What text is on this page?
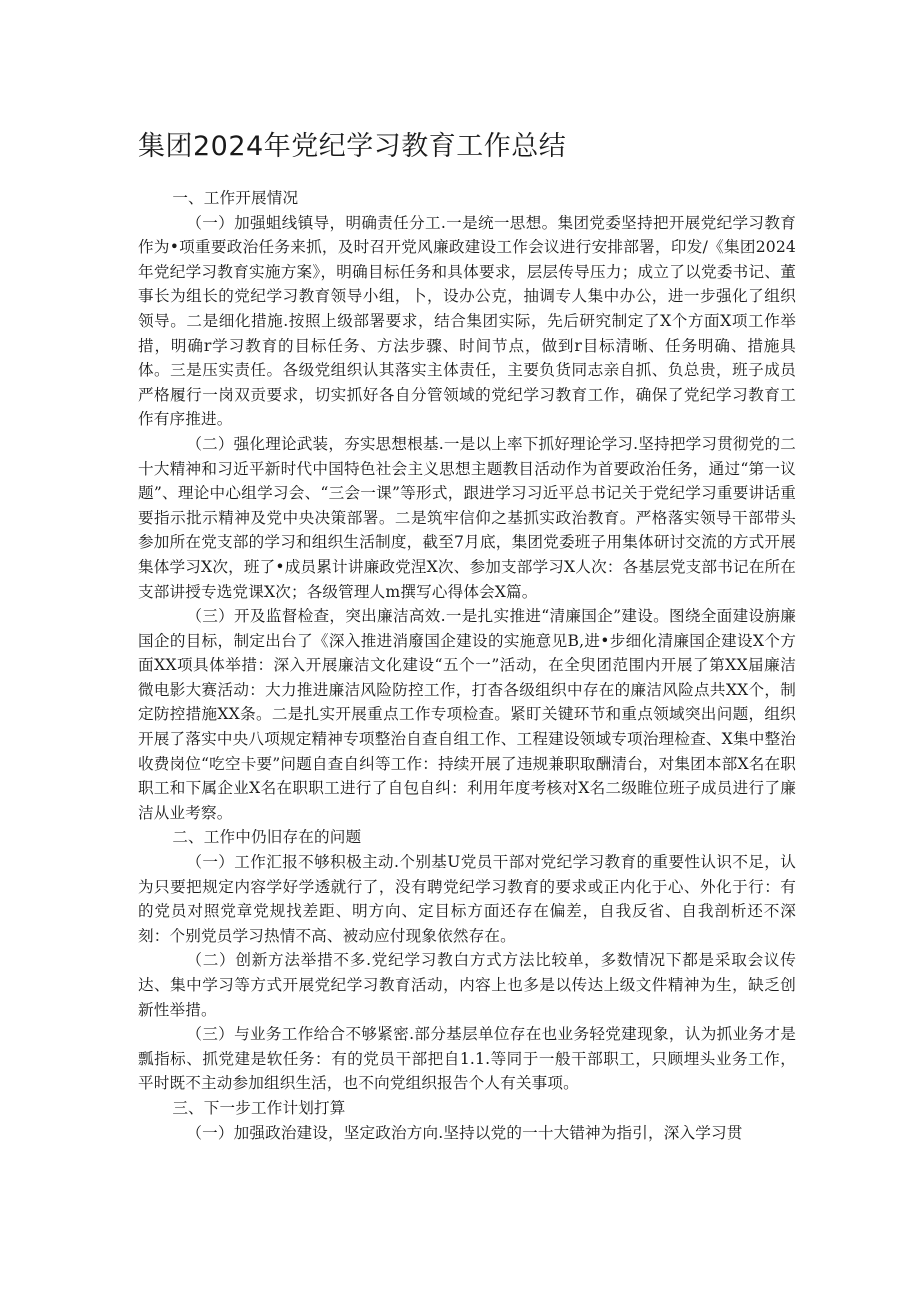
集团2024年党纪学习教育工作总结

一、工作开展情况

（一）加强蛆线镇导，明确责任分工.一是统一思想。集团党委坚持把开展党纪学习教育作为•项重要政治任务来抓，及时召开党风廉政建设工作会议进行安排部署，印发/《集团2024年党纪学习教育实施方案》，明确目标任务和具体要求，层层传导压力；成立了以党委书记、董事长为组长的党纪学习教育领导小组，卜，设办公克，抽调专人集中办公，进一步强化了组织领导。二是细化措施.按照上级部署要求，结合集团实际，先后研究制定了X个方面X项工作举措，明确r学习教育的目标任务、方法步骤、时间节点，做到r目标清晰、任务明确、措施具体。三是压实责任。各级党组织认其落实主体责任，主要负货同志亲自抓、负总贵，班子成员严格履行一岗双贡要求，切实抓好各自分管领域的党纪学习教育工作，确保了党纪学习教育工作有序推进。

（二）强化理论武装，夯实思想根基.一是以上率下抓好理论学习.坚持把学习贯彻党的二十大精神和习近平新时代中国特色社会主义思想主题教目活动作为首要政治任务，通过“第一议题”、理论中心组学习会、“三会一课”等形式，跟进学习习近平总书记关于党纪学习重要讲话重要指示批示精神及党中央决策部署。二是筑牢信仰之基抓实政治教育。严格落实领导干部带头参加所在党支部的学习和组织生活制度，截至7月底，集团党委班子用集体研讨交流的方式开展集体学习X次，班了•成员累计讲廉政党涅X次、参加支部学习X人次：各基层党支部书记在所在支部讲授专选党课X次；各级管理人m撰写心得体会X篇。

（三）开及监督检查，突出廉洁高效.一是扎实推进“清廉国企”建设。图绕全面建设旃廉国企的目标，制定出台了《深入推进消廢国企建设的实施意见B,进•步细化清廉国企建设X个方面XX项具体举措：深入开展廉洁文化建设“五个一”活动，在全臾团范围内开展了第XX届廉洁微电影大赛活动：大力推进廉洁风险防控工作，打杳各级组织中存在的廉洁风险点共XX个，制定防控措施XX条。二是扎实开展重点工作专项检查。紧盯关键环节和重点领域突出问题，组织开展了落实中央八项规定精神专项整治自查自组工作、工程建设领域专项治理检查、X集中整治收费岗位“吃空卡要”问题自查自纠等工作：持续开展了违规兼职取酬清台，对集团本部X名在职职工和下属企业X名在职职工进行了自包自纠：利用年度考核对X名二级睢位班子成员进行了廉洁从业考察。

二、工作中仍旧存在的问题

（一）工作汇报不够积极主动.个别基U党员干部对党纪学习教育的重要性认识不足，认为只要把规定内容学好学透就行了，没有聘党纪学习教育的要求或正内化于心、外化于行：有的党员对照党章党规找差距、明方向、定目标方面还存在偏差，自我反省、自我剖析还不深刻：个别党员学习热情不高、被动应付现象依然存在。

（二）创新方法举措不多.党纪学习教白方式方法比较单，多数情况下都是采取会议传达、集中学习等方式开展党纪学习教育活动，内容上也多是以传达上级文件精神为生，缺乏创新性举措。

（三）与业务工作给合不够紧密.部分基层单位存在也业务轻党建现象，认为抓业务才是瓢指标、抓党建是软任务：有的党员干部把自1.1.等同于一般干部职工，只顾埋头业务工作，平时既不主动参加组织生活，也不向党组织报告个人有关事项。

三、下一步工作计划打算

（一）加强政治建设，坚定政治方向.坚持以党的一十大错神为指引，深入学习贯
